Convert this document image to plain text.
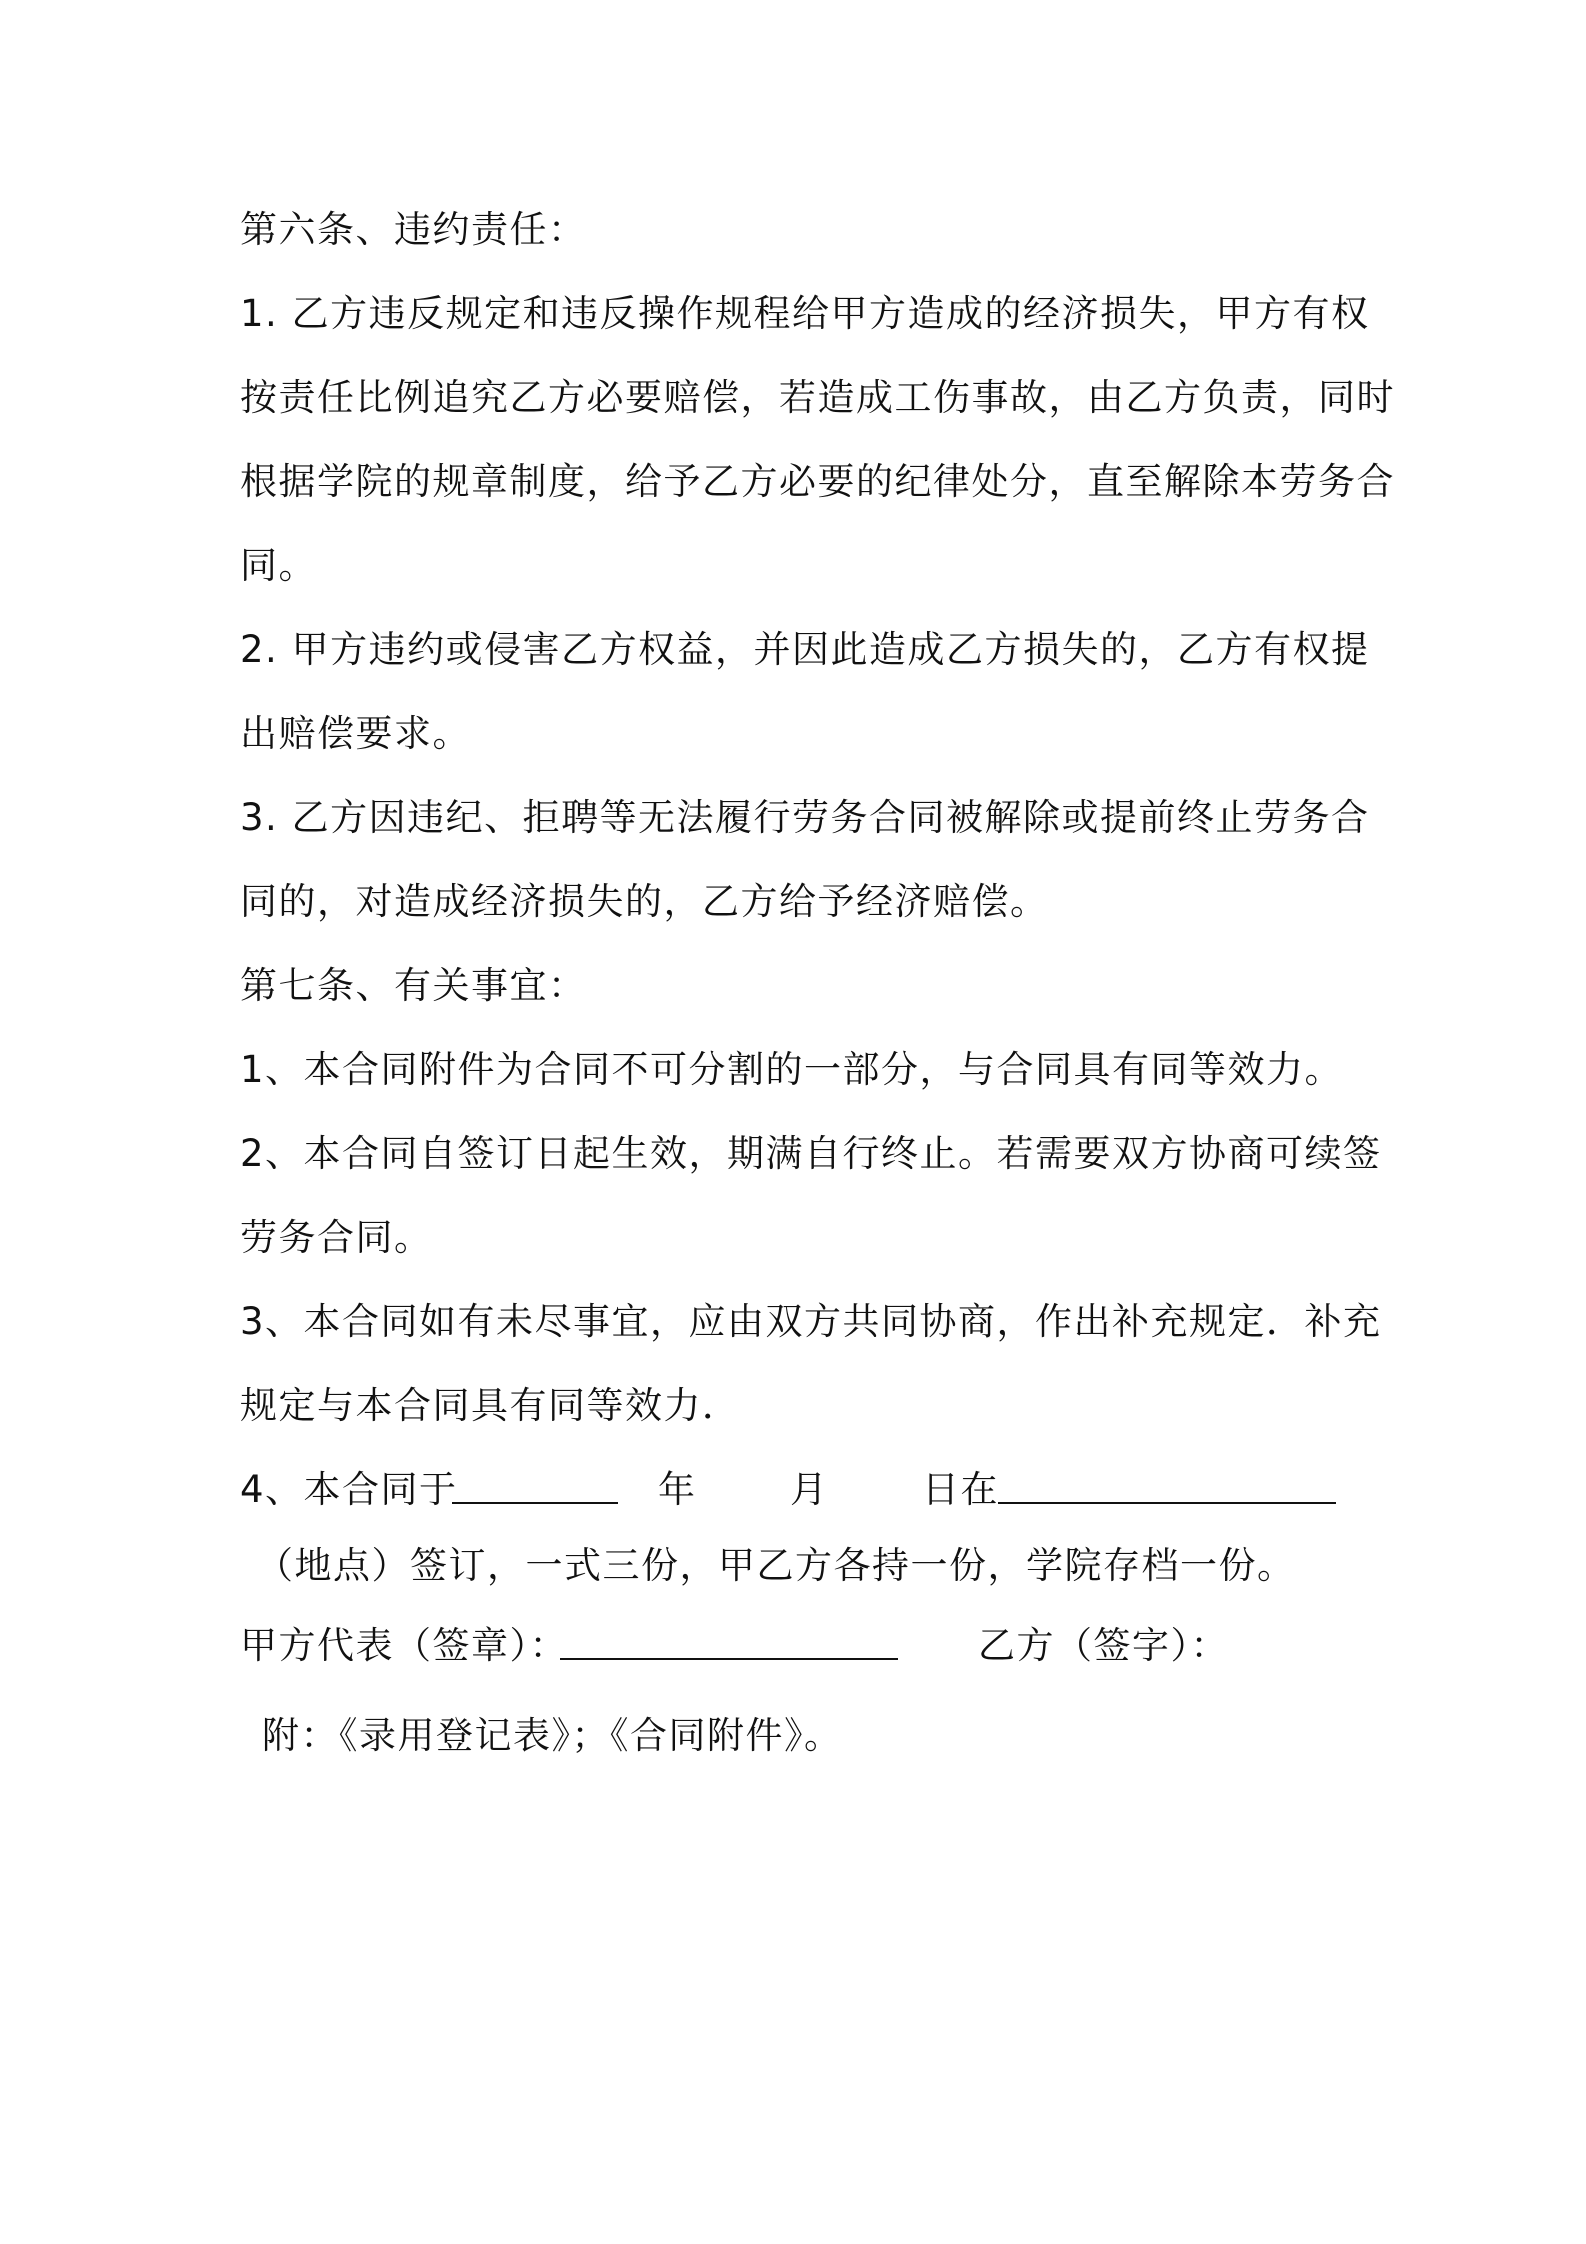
第六条、违约责任：

1. 乙方违反规定和违反操作规程给甲方造成的经济损失，甲方有权

按责任比例追究乙方必要赔偿，若造成工伤事故，由乙方负责，同时

根据学院的规章制度，给予乙方必要的纪律处分，直至解除本劳务合

同。

2. 甲方违约或侵害乙方权益，并因此造成乙方损失的，乙方有权提

出赔偿要求。

3. 乙方因违纪、拒聘等无法履行劳务合同被解除或提前终止劳务合

同的，对造成经济损失的，乙方给予经济赔偿。

第七条、有关事宜：

1、本合同附件为合同不可分割的一部分，与合同具有同等效力。

2、本合同自签订日起生效，期满自行终止。若需要双方协商可续签

劳务合同。

3、本合同如有未尽事宜，应由双方共同协商，作出补充规定．补充

规定与本合同具有同等效力．

4、本合同于	年	月	日在

（地点）签订，一式三份，甲乙方各持一份，学院存档一份。

甲方代表（签章）：	乙方（签字）：

附：《录用登记表》；《合同附件》。
